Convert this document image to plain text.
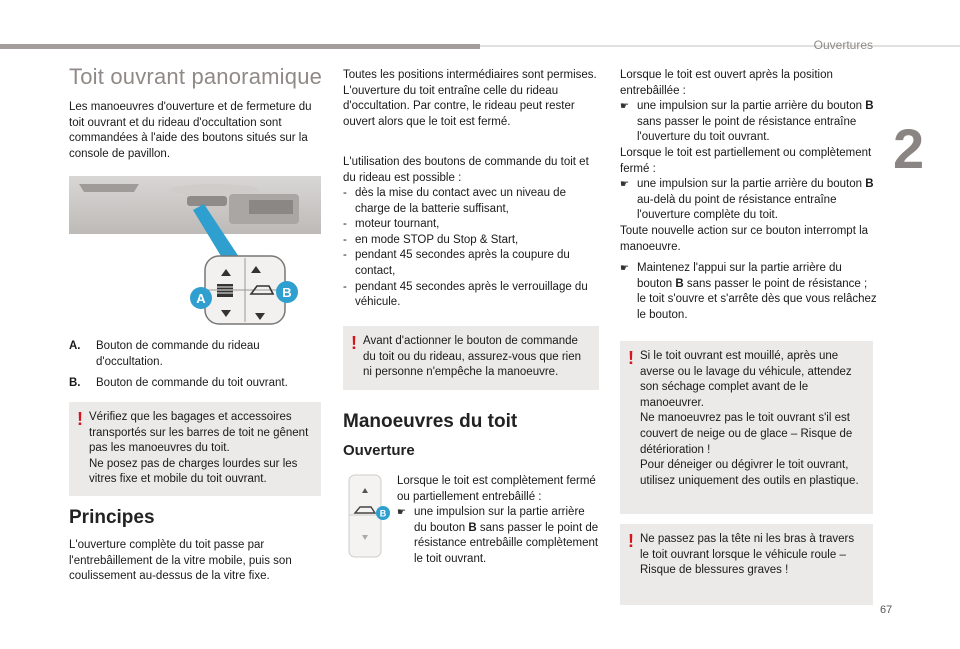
Ouvertures
2
67
Toit ouvrant panoramique

Les manoeuvres d'ouverture et de fermeture du toit ouvrant et du rideau d'occultation sont commandées à l'aide des boutons situés sur la console de pavillon.

A	B
A.	Bouton de commande du rideau d'occultation.
B.	Bouton de commande du toit ouvrant.
! Vérifiez que les bagages et accessoires transportés sur les barres de toit ne gênent pas les manoeuvres du toit.
Ne posez pas de charges lourdes sur les vitres fixe et mobile du toit ouvrant.

Principes

L'ouverture complète du toit passe par l'entrebâillement de la vitre mobile, puis son coulissement au-dessus de la vitre fixe.

Toutes les positions intermédiaires sont permises.
L'ouverture du toit entraîne celle du rideau d'occultation. Par contre, le rideau peut rester ouvert alors que le toit est fermé.

L'utilisation des boutons de commande du toit et du rideau est possible :

- dès la mise du contact avec un niveau de charge de la batterie suffisant,
- moteur tournant,
- en mode STOP du Stop & Start,
- pendant 45 secondes après la coupure du contact,
- pendant 45 secondes après le verrouillage du véhicule.
! Avant d'actionner le bouton de commande du toit ou du rideau, assurez-vous que rien ni personne n'empêche la manoeuvre.

Manoeuvres du toit
Ouverture
B

Lorsque le toit est complètement fermé ou partiellement entrebâillé :

☛ une impulsion sur la partie arrière du bouton B sans passer le point de résistance entrebâille complètement le toit ouvrant.

Lorsque le toit est ouvert après la position entrebâillée :

☛ une impulsion sur la partie arrière du bouton B sans passer le point de résistance entraîne l'ouverture du toit ouvrant.

Lorsque le toit est partiellement ou complètement fermé :

☛ une impulsion sur la partie arrière du bouton B au-delà du point de résistance entraîne l'ouverture complète du toit.

Toute nouvelle action sur ce bouton interrompt la manoeuvre.

☛ Maintenez l'appui sur la partie arrière du bouton B sans passer le point de résistance ; le toit s'ouvre et s'arrête dès que vous relâchez le bouton.

! Si le toit ouvrant est mouillé, après une averse ou le lavage du véhicule, attendez son séchage complet avant de le manoeuvrer.
Ne manoeuvrez pas le toit ouvrant s'il est couvert de neige ou de glace – Risque de détérioration !
Pour déneiger ou dégivrer le toit ouvrant, utilisez uniquement des outils en plastique.

! Ne passez pas la tête ni les bras à travers le toit ouvrant lorsque le véhicule roule – Risque de blessures graves !
